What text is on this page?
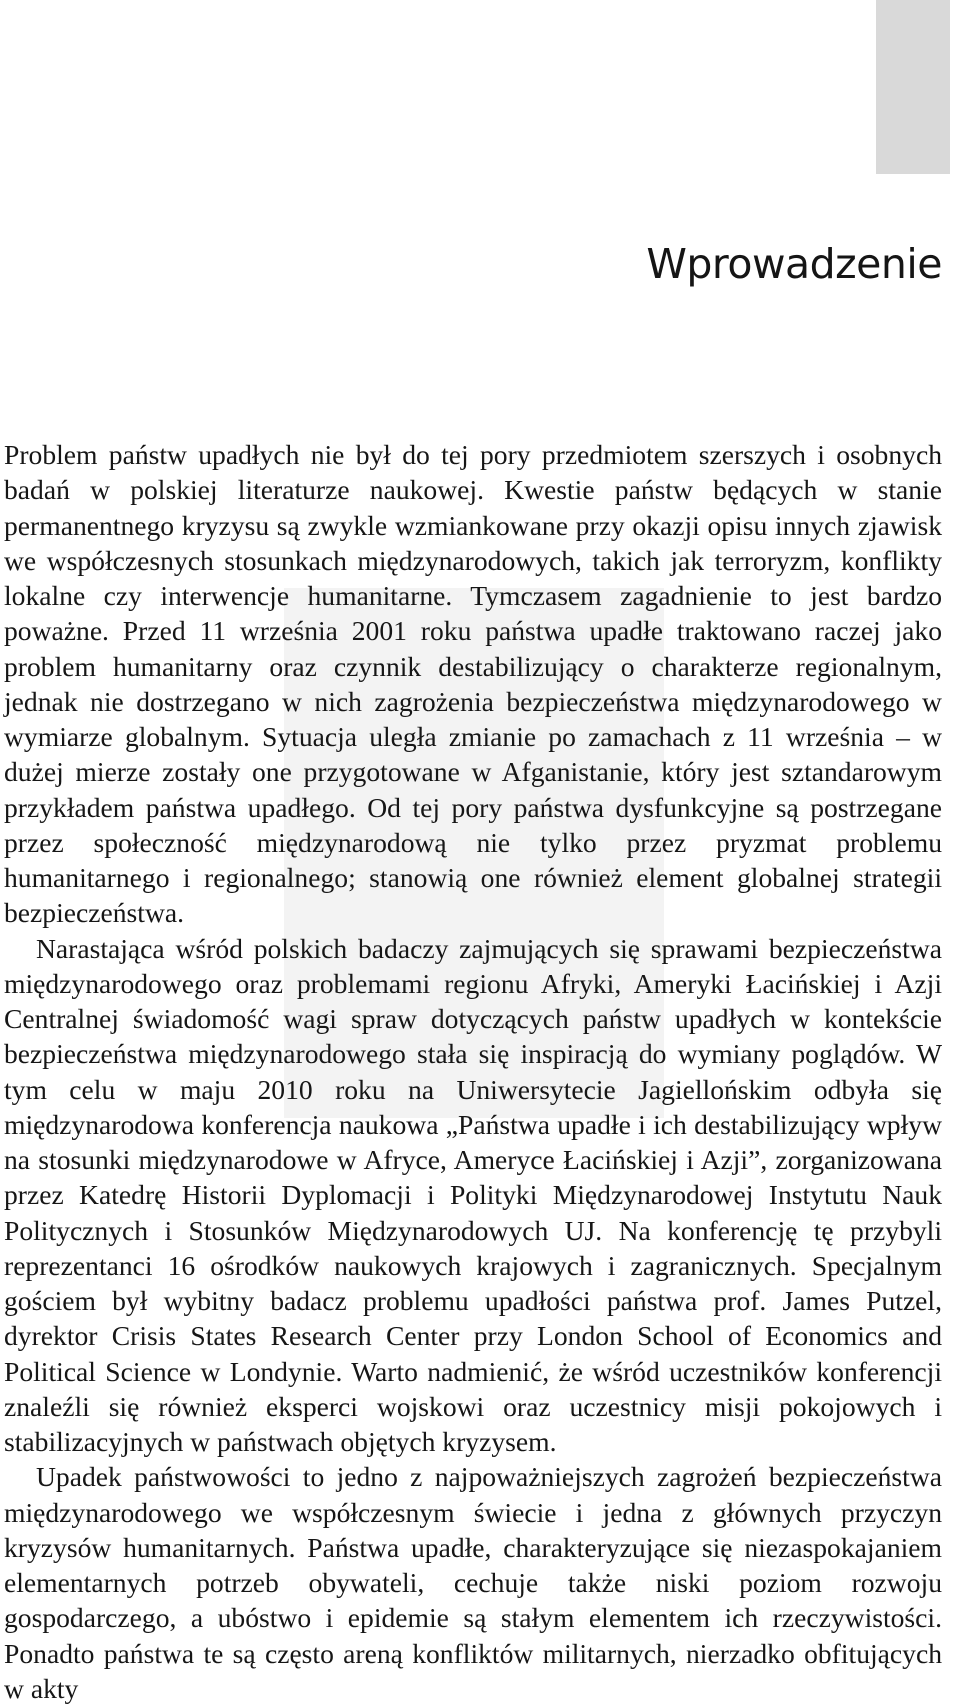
Wprowadzenie

Problem państw upadłych nie był do tej pory przedmiotem szerszych i osobnych badań w polskiej literaturze naukowej. Kwestie państw będących w stanie permanentnego kryzysu są zwykle wzmiankowane przy okazji opisu innych zjawisk we współczesnych stosunkach międzynarodowych, takich jak terroryzm, konflikty lokalne czy interwencje humanitarne. Tymczasem zagadnienie to jest bardzo poważne. Przed 11 września 2001 roku państwa upadłe traktowano raczej jako problem humanitarny oraz czynnik destabilizujący o charakterze regionalnym, jednak nie dostrzegano w nich zagrożenia bezpieczeństwa międzynarodowego w wymiarze globalnym. Sytuacja uległa zmianie po zamachach z 11 września – w dużej mierze zostały one przygotowane w Afganistanie, który jest sztandarowym przykładem państwa upadłego. Od tej pory państwa dysfunkcyjne są postrzegane przez społeczność międzynarodową nie tylko przez pryzmat problemu humanitarnego i regionalnego; stanowią one również element globalnej strategii bezpieczeństwa.

Narastająca wśród polskich badaczy zajmujących się sprawami bezpieczeństwa międzynarodowego oraz problemami regionu Afryki, Ameryki Łacińskiej i Azji Centralnej świadomość wagi spraw dotyczących państw upadłych w kontekście bezpieczeństwa międzynarodowego stała się inspiracją do wymiany poglądów. W tym celu w maju 2010 roku na Uniwersytecie Jagiellońskim odbyła się międzynarodowa konferencja naukowa „Państwa upadłe i ich destabilizujący wpływ na stosunki międzynarodowe w Afryce, Ameryce Łacińskiej i Azji”, zorganizowana przez Katedrę Historii Dyplomacji i Polityki Międzynarodowej Instytutu Nauk Politycznych i Stosunków Międzynarodowych UJ. Na konferencję tę przybyli reprezentanci 16 ośrodków naukowych krajowych i zagranicznych. Specjalnym gościem był wybitny badacz problemu upadłości państwa prof. James Putzel, dyrektor Crisis States Research Center przy London School of Economics and Political Science w Londynie. Warto nadmienić, że wśród uczestników konferencji znaleźli się również eksperci wojskowi oraz uczestnicy misji pokojowych i stabilizacyjnych w państwach objętych kryzysem.

Upadek państwowości to jedno z najpoważniejszych zagrożeń bezpieczeństwa międzynarodowego we współczesnym świecie i jedna z głównych przyczyn kryzysów humanitarnych. Państwa upadłe, charakteryzujące się niezaspokajaniem elementarnych potrzeb obywateli, cechuje także niski poziom rozwoju gospodarczego, a ubóstwo i epidemie są stałym elementem ich rzeczywistości. Ponadto państwa te są często areną konfliktów militarnych, nierzadko obfitujących w akty
